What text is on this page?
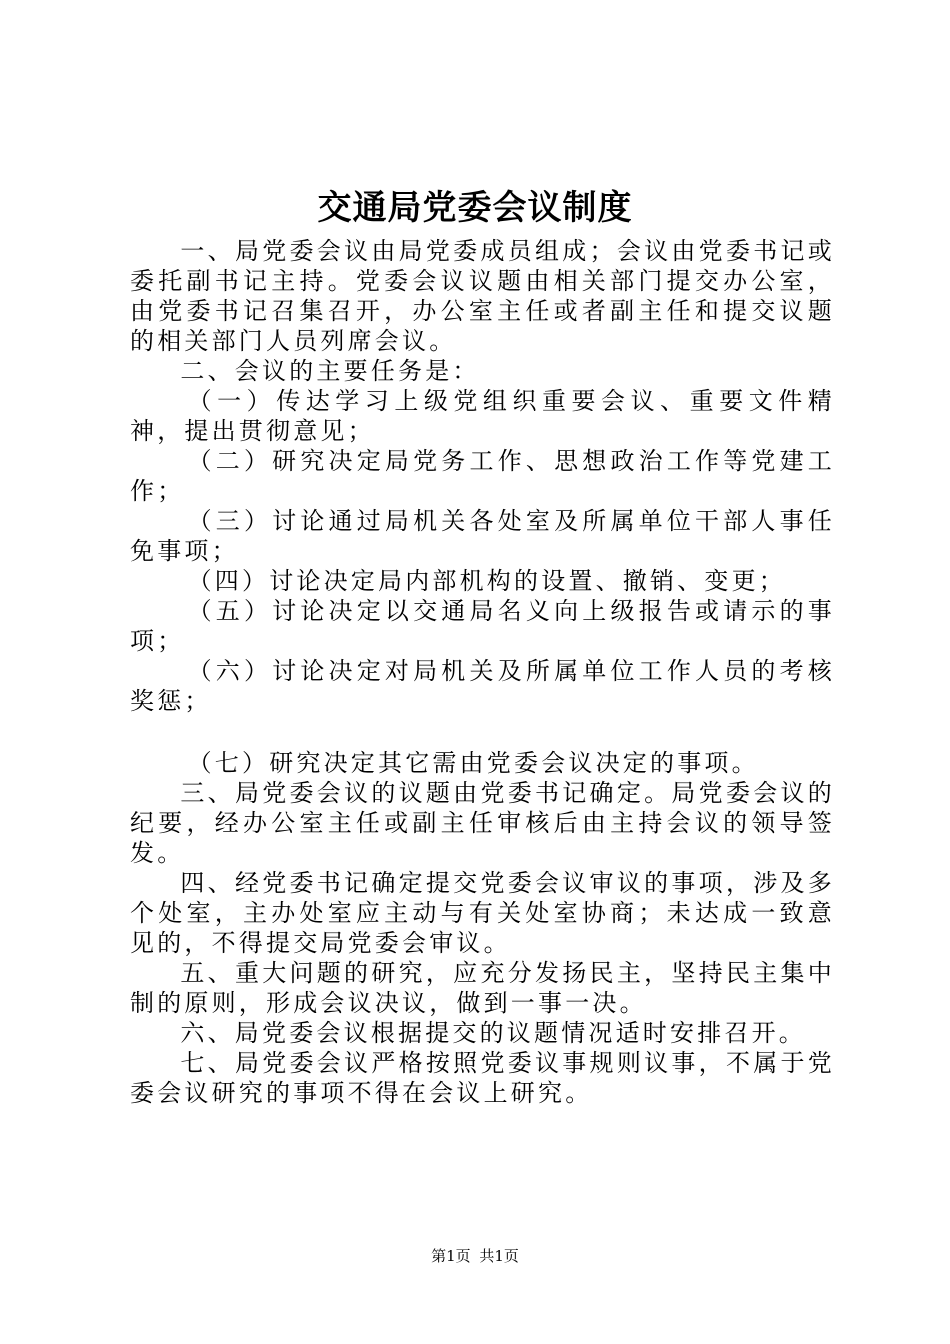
交通局党委会议制度

一、局党委会议由局党委成员组成；会议由党委书记或委托副书记主持。党委会议议题由相关部门提交办公室，由党委书记召集召开，办公室主任或者副主任和提交议题的相关部门人员列席会议。

二、会议的主要任务是：

（一）传达学习上级党组织重要会议、重要文件精神，提出贯彻意见；

（二）研究决定局党务工作、思想政治工作等党建工作；

（三）讨论通过局机关各处室及所属单位干部人事任免事项；

（四）讨论决定局内部机构的设置、撤销、变更；

（五）讨论决定以交通局名义向上级报告或请示的事项；

（六）讨论决定对局机关及所属单位工作人员的考核奖惩；

（七）研究决定其它需由党委会议决定的事项。

三、局党委会议的议题由党委书记确定。局党委会议的纪要，经办公室主任或副主任审核后由主持会议的领导签发。

四、经党委书记确定提交党委会议审议的事项，涉及多个处室，主办处室应主动与有关处室协商；未达成一致意见的，不得提交局党委会审议。

五、重大问题的研究，应充分发扬民主，坚持民主集中制的原则，形成会议决议，做到一事一决。

六、局党委会议根据提交的议题情况适时安排召开。

七、局党委会议严格按照党委议事规则议事，不属于党委会议研究的事项不得在会议上研究。

第1页 共1页
